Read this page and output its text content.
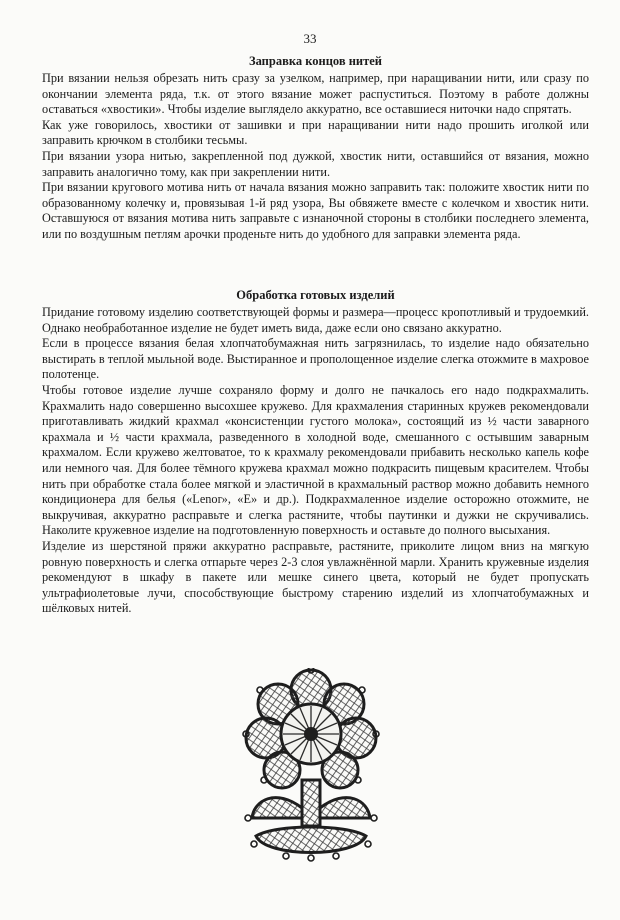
33
Заправка концов нитей

При вязании нельзя обрезать нить сразу за узелком, например, при наращивании нити, или сразу по окончании элемента ряда, т.к. от этого вязание может распуститься. Поэтому в работе должны оставаться «хвостики». Чтобы изделие выглядело аккуратно, все оставшиеся ниточки надо спрятать.

Как уже говорилось, хвостики от зашивки и при наращивании нити надо прошить иголкой или заправить крючком в столбики тесьмы.

При вязании узора нитью, закрепленной под дужкой, хвостик нити, оставшийся от вязания, можно заправить аналогично тому, как при закреплении нити.

При вязании кругового мотива нить от начала вязания можно заправить так: положите хвостик нити по образованному колечку и, провязывая 1-й ряд узора, Вы обвяжете вместе с колечком и хвостик нити. Оставшуюся от вязания мотива нить заправьте с изнаночной стороны в столбики последнего элемента, или по воздушным петлям арочки проденьте нить до удобного для заправки элемента ряда.

Обработка готовых изделий

Придание готовому изделию соответствующей формы и размера—процесс кропотливый и трудоемкий. Однако необработанное изделие не будет иметь вида, даже если оно связано аккуратно.

Если в процессе вязания белая хлопчатобумажная нить загрязнилась, то изделие надо обязательно выстирать в теплой мыльной воде. Выстиранное и прополощенное изделие слегка отожмите в махровое полотенце.

Чтобы готовое изделие лучше сохраняло форму и долго не пачкалось его надо подкрахмалить. Крахмалить надо совершенно высохшее кружево. Для крахмаления старинных кружев рекомендовали приготавливать жидкий крахмал «консистенции густого молока», состоящий из ½ части заварного крахмала и ½ части крахмала, разведенного в холодной воде, смешанного с остывшим заварным крахмалом. Если кружево желтоватое, то к крахмалу рекомендовали прибавить несколько капель кофе или немного чая. Для более тёмного кружева крахмал можно подкрасить пищевым красителем. Чтобы нить при обработке стала более мягкой и эластичной в крахмальный раствор можно добавить немного кондиционера для белья («Lenor», «Е» и др.). Подкрахмаленное изделие осторожно отожмите, не выкручивая, аккуратно расправьте и слегка растяните, чтобы паутинки и дужки не скручивались. Наколите кружевное изделие на подготовленную поверхность и оставьте до полного высыхания.

Изделие из шерстяной пряжи аккуратно расправьте, растяните, приколите лицом вниз на мягкую ровную поверхность и слегка отпарьте через 2-3 слоя увлажнённой марли. Хранить кружевные изделия рекомендуют в шкафу в пакете или мешке синего цвета, который не будет пропускать ультрафиолетовые лучи, способствующие быстрому старению изделий из хлопчатобумажных и шёлковых нитей.
